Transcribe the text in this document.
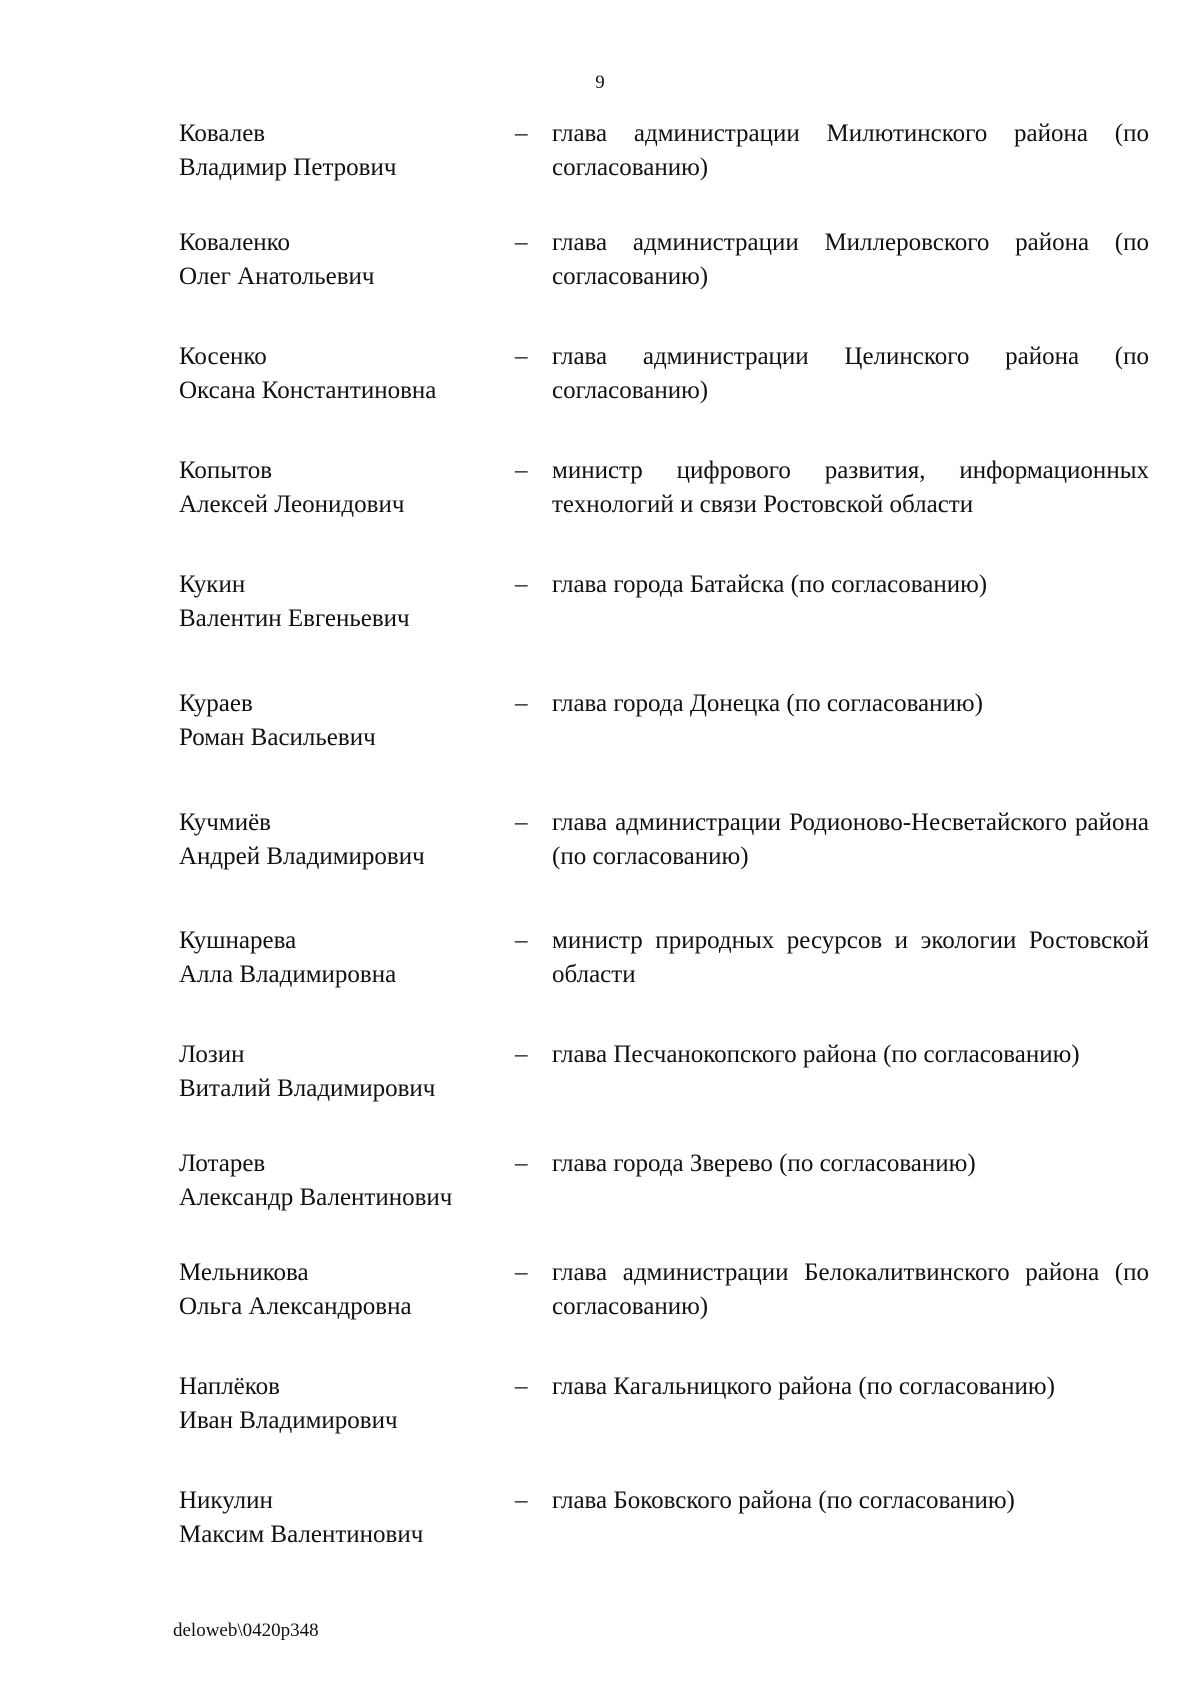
9
Ковалев
Владимир Петрович
– глава администрации Милютинского района (по согласованию)
Коваленко
Олег Анатольевич
– глава администрации Миллеровского района (по согласованию)
Косенко
Оксана Константиновна
– глава администрации Целинского района (по согласованию)
Копытов
Алексей Леонидович
– министр цифрового развития, информационных технологий и связи Ростовской области
Кукин
Валентин Евгеньевич
– глава города Батайска (по согласованию)
Кураев
Роман Васильевич
– глава города Донецка (по согласованию)
Кучмиёв
Андрей Владимирович
– глава администрации Родионово-Несветайского района (по согласованию)
Кушнарева
Алла Владимировна
– министр природных ресурсов и экологии Ростовской области
Лозин
Виталий Владимирович
– глава Песчанокопского района (по согласованию)
Лотарев
Александр Валентинович
– глава города Зверево (по согласованию)
Мельникова
Ольга Александровна
– глава администрации Белокалитвинского района (по согласованию)
Наплёков
Иван Владимирович
– глава Кагальницкого района (по согласованию)
Никулин
Максим Валентинович
– глава Боковского района (по согласованию)
deloweb\0420p348
